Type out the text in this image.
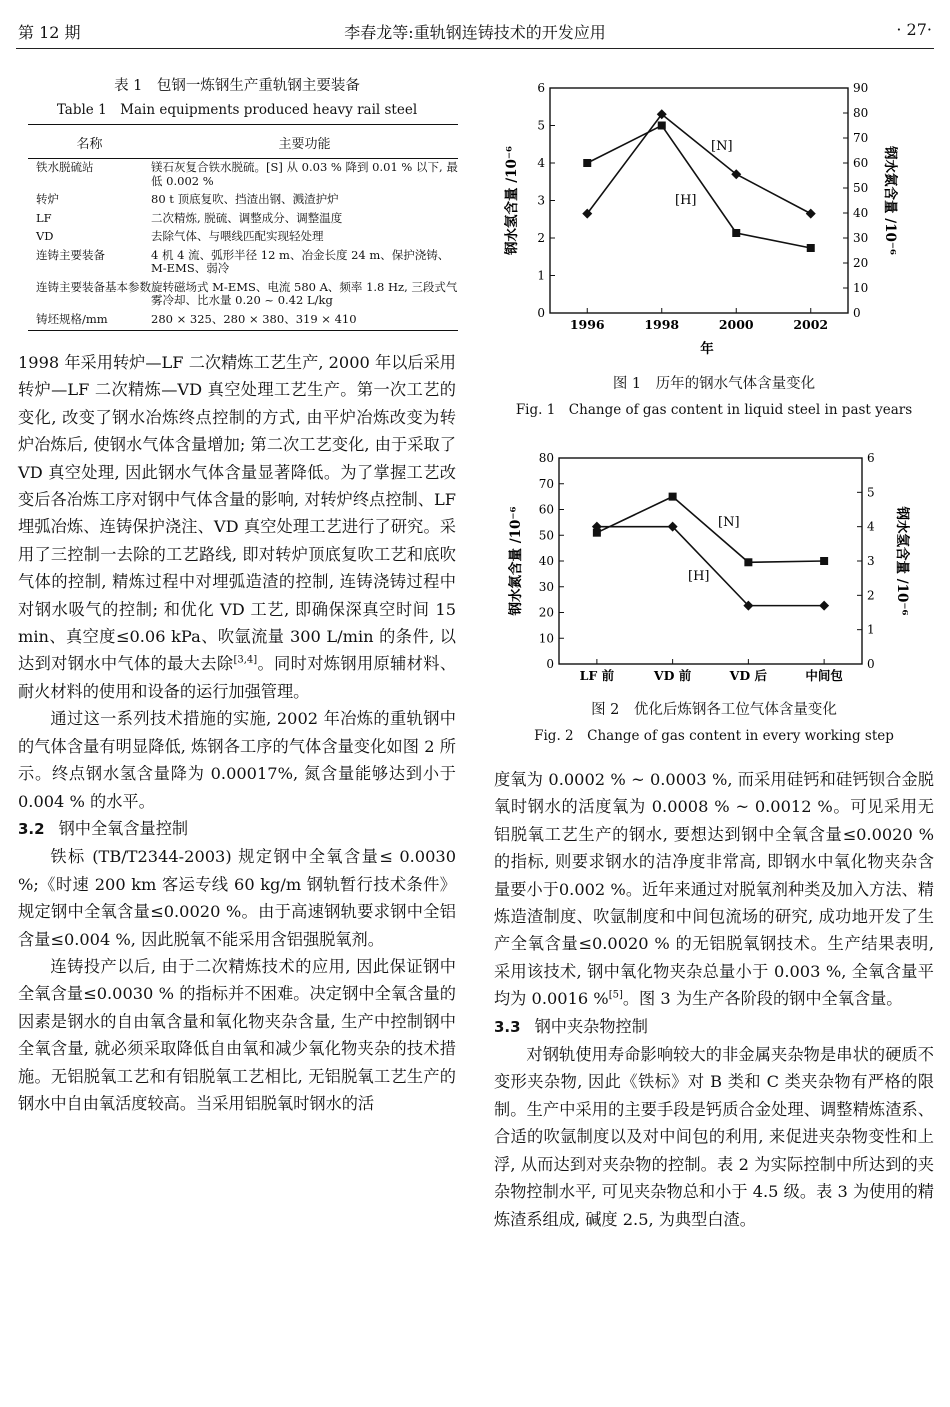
第 12 期	李春龙等:重轨钢连铸技术的开发应用	· 27·
表 1　包钢一炼钢生产重轨钢主要装备
Table 1　Main equipments produced heavy rail steel
名称	主要功能
铁水脱硫站	镁石灰复合铁水脱硫。[S] 从 0.03 % 降到 0.01 % 以下, 最低 0.002 %
转炉	80 t 顶底复吹、挡渣出钢、溅渣护炉
LF	二次精炼, 脱硫、调整成分、调整温度
VD	去除气体、与喂线匹配实现轻处理
连铸主要装备	4 机 4 流、弧形半径 12 m、冶金长度 24 m、保护浇铸、M-EMS、弱冷
连铸主要装备基本参数	旋转磁场式 M-EMS、电流 580 A、频率 1.8 Hz, 三段式气雾冷却、比水量 0.20 ~ 0.42 L/kg
铸坯规格/mm	280 × 325、280 × 380、319 × 410

1998 年采用转炉—LF 二次精炼工艺生产, 2000 年以后采用转炉—LF 二次精炼—VD 真空处理工艺生产。第一次工艺的变化, 改变了钢水冶炼终点控制的方式, 由平炉冶炼改变为转炉冶炼后, 使钢水气体含量增加; 第二次工艺变化, 由于采取了 VD 真空处理, 因此钢水气体含量显著降低。为了掌握工艺改变后各冶炼工序对钢中气体含量的影响, 对转炉终点控制、LF 埋弧冶炼、连铸保护浇注、VD 真空处理工艺进行了研究。采用了三控制一去除的工艺路线, 即对转炉顶底复吹工艺和底吹气体的控制, 精炼过程中对埋弧造渣的控制, 连铸浇铸过程中对钢水吸气的控制; 和优化 VD 工艺, 即确保深真空时间 15 min、真空度≤0.06 kPa、吹氩流量 300 L/min 的条件, 以达到对钢水中气体的最大去除[3,4]。同时对炼钢用原辅材料、耐火材料的使用和设备的运行加强管理。

通过这一系列技术措施的实施, 2002 年冶炼的重轨钢中的气体含量有明显降低, 炼钢各工序的气体含量变化如图 2 所示。终点钢水氢含量降为 0.00017%, 氮含量能够达到小于 0.004 % 的水平。

3.2 钢中全氧含量控制

铁标 (TB/T2344-2003) 规定钢中全氧含量≤ 0.0030 %;《时速 200 km 客运专线 60 kg/m 钢轨暂行技术条件》规定钢中全氧含量≤0.0020 %。由于高速钢轨要求钢中全铝含量≤0.004 %, 因此脱氧不能采用含铝强脱氧剂。

连铸投产以后, 由于二次精炼技术的应用, 因此保证钢中全氧含量≤0.0030 % 的指标并不困难。决定钢中全氧含量的因素是钢水的自由氧含量和氧化物夹杂含量, 生产中控制钢中全氧含量, 就必须采取降低自由氧和减少氧化物夹杂的技术措施。无铝脱氧工艺和有铝脱氧工艺相比, 无铝脱氧工艺生产的钢水中自由氧活度较高。当采用铝脱氧时钢水的活

0
1
2
3
4
5
6
0
10
20
30
40
50
60
70
80
90
1996	1998	2000	2002
钢水氢含量 /10⁻⁶	钢水氮含量 /10⁻⁶
年
[N]
[H]
图 1　历年的钢水气体含量变化
Fig. 1　Change of gas content in liquid steel in past years
0
10
20
30
40
50
60
70
80
0
1
2
3
4
5
6
LF 前	VD 前	VD 后	中间包
钢水氮含量 /10⁻⁶	钢水氢含量 /10⁻⁶
[N]
[H]
图 2　优化后炼钢各工位气体含量变化
Fig. 2　Change of gas content in every working step

度氧为 0.0002 % ~ 0.0003 %, 而采用硅钙和硅钙钡合金脱氧时钢水的活度氧为 0.0008 % ~ 0.0012 %。可见采用无铝脱氧工艺生产的钢水, 要想达到钢中全氧含量≤0.0020 % 的指标, 则要求钢水的洁净度非常高, 即钢水中氧化物夹杂含量要小于0.002 %。近年来通过对脱氧剂种类及加入方法、精炼造渣制度、吹氩制度和中间包流场的研究, 成功地开发了生产全氧含量≤0.0020 % 的无铝脱氧钢技术。生产结果表明, 采用该技术, 钢中氧化物夹杂总量小于 0.003 %, 全氧含量平均为 0.0016 %[5]。图 3 为生产各阶段的钢中全氧含量。

3.3 钢中夹杂物控制

对钢轨使用寿命影响较大的非金属夹杂物是串状的硬质不变形夹杂物, 因此《铁标》对 B 类和 C 类夹杂物有严格的限制。生产中采用的主要手段是钙质合金处理、调整精炼渣系、合适的吹氩制度以及对中间包的利用, 来促进夹杂物变性和上浮, 从而达到对夹杂物的控制。表 2 为实际控制中所达到的夹杂物控制水平, 可见夹杂物总和小于 4.5 级。表 3 为使用的精炼渣系组成, 碱度 2.5, 为典型白渣。
